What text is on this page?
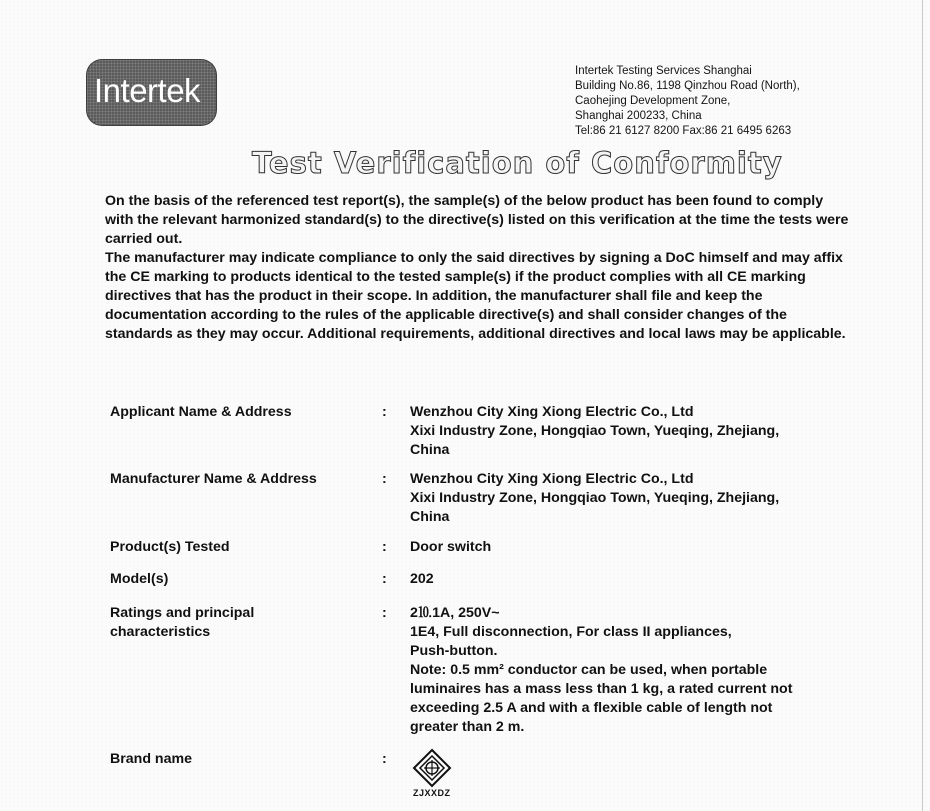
Intertek
Intertek Testing Services Shanghai
Building No.86, 1198 Qinzhou Road (North),
Caohejing Development Zone,
Shanghai 200233, China
Tel:86 21 6127 8200 Fax:86 21 6495 6263
Test Verification of Conformity

On the basis of the referenced test report(s), the sample(s) of the below product has been found to comply with the relevant harmonized standard(s) to the directive(s) listed on this verification at the time the tests were carried out.

The manufacturer may indicate compliance to only the said directives by signing a DoC himself and may affix the CE marking to products identical to the tested sample(s) if the product complies with all CE marking directives that has the product in their scope. In addition, the manufacturer shall file and keep the documentation according to the rules of the applicable directive(s) and shall consider changes of the standards as they may occur. Additional requirements, additional directives and local laws may be applicable.

Applicant Name & Address	: Wenzhou City Xing Xiong Electric Co., Ltd
Xixi Industry Zone, Hongqiao Town, Yueqing, Zhejiang,
China
Manufacturer Name & Address	: Wenzhou City Xing Xiong Electric Co., Ltd
Xixi Industry Zone, Hongqiao Town, Yueqing, Zhejiang,
China
Product(s) Tested	: Door switch
Model(s)	: 202
Ratings and principal
characteristics
: 2⒑1A, 250V~
1E4, Full disconnection, For class II appliances,
Push-button.
Note: 0.5 mm² conductor can be used, when portable
luminaires has a mass less than 1 kg, a rated current not
exceeding 2.5 A and with a flexible cable of length not
greater than 2 m.
Brand name	:
ZJXXDZ
